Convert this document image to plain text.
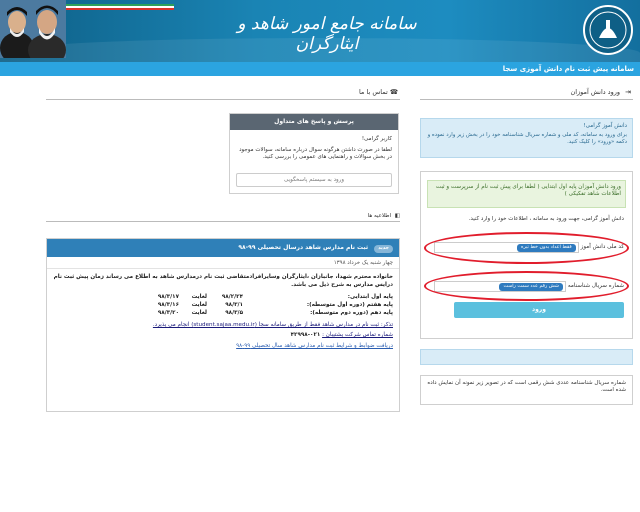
سامانه جامع امور شاهد و ایثارگران
سامانه پیش ثبت نام دانش آموزی سجا
⇥ ورود دانش آموزان
دانش آموز گرامی!
برای ورود به سامانه، کد ملی و شماره سریال شناسنامه خود را در بخش زیر وارد نموده و دکمه «ورود» را کلیک کنید.
ورود دانش آموزان پایه اول ابتدایی ( لطفا برای پیش ثبت نام از سرپرست و ثبت اطلاعات شاهد تفکیکی )
دانش آموز گرامی، جهت ورود به سامانه ، اطلاعات خود را وارد کنید.
کد ملی دانش آموز
فقط اعداد بدون خط تیره
شماره سریال شناسنامه
شش رقم عدد سمت راست
ورود
شماره سریال شناسنامه عددی شش رقمی است که در تصویر زیر نمونه آن نمایش داده شده است.
☎ تماس با ما
پرسش و پاسخ های متداول
کاربر گرامی!
لطفا در صورت داشتن هرگونه سوال درباره سامانه، سوالات موجود در بخش سوالات و راهنمایی های عمومی را بررسی کنید.
ورود به سیستم پاسخگویی
◧ اطلاعیه ها
جدید ثبت نام مدارس شاهد درسال تحصیلی ۹۹-۹۸
چهار شنبه یک خرداد ۱۳۹۸
خانواده محترم شهدا، جانبازان ،ایثارگران وسایرافرادمتقاضی ثبت نام درمدارس شاهد به اطلاع می رساند زمان پیش ثبت نام درایس مدارس به شرح ذیل می باشد.
پایه اول ابتدایی:
۹۸/۲/۲۴
لغایت
۹۸/۳/۱۷
پایه هفتم (دوره اول متوسطه):
۹۸/۳/۱
لغایت
۹۸/۳/۱۶
پایه دهم (دوره دوم متوسطه):
۹۸/۳/۵
لغایت
۹۸/۳/۲۰
تذکر: ثبت نام در مدارس شاهد فقط از طریق سامانه سجا (student.sajaa.medu.ir) انجام می پذیرد.
شماره تماس شرکت پشتیبان : ۰۲۱-۴۲۹۹۸
دریافت ضوابط و شرایط ثبت نام مدارس شاهد سال تحصیلی ۹۹-۹۸
